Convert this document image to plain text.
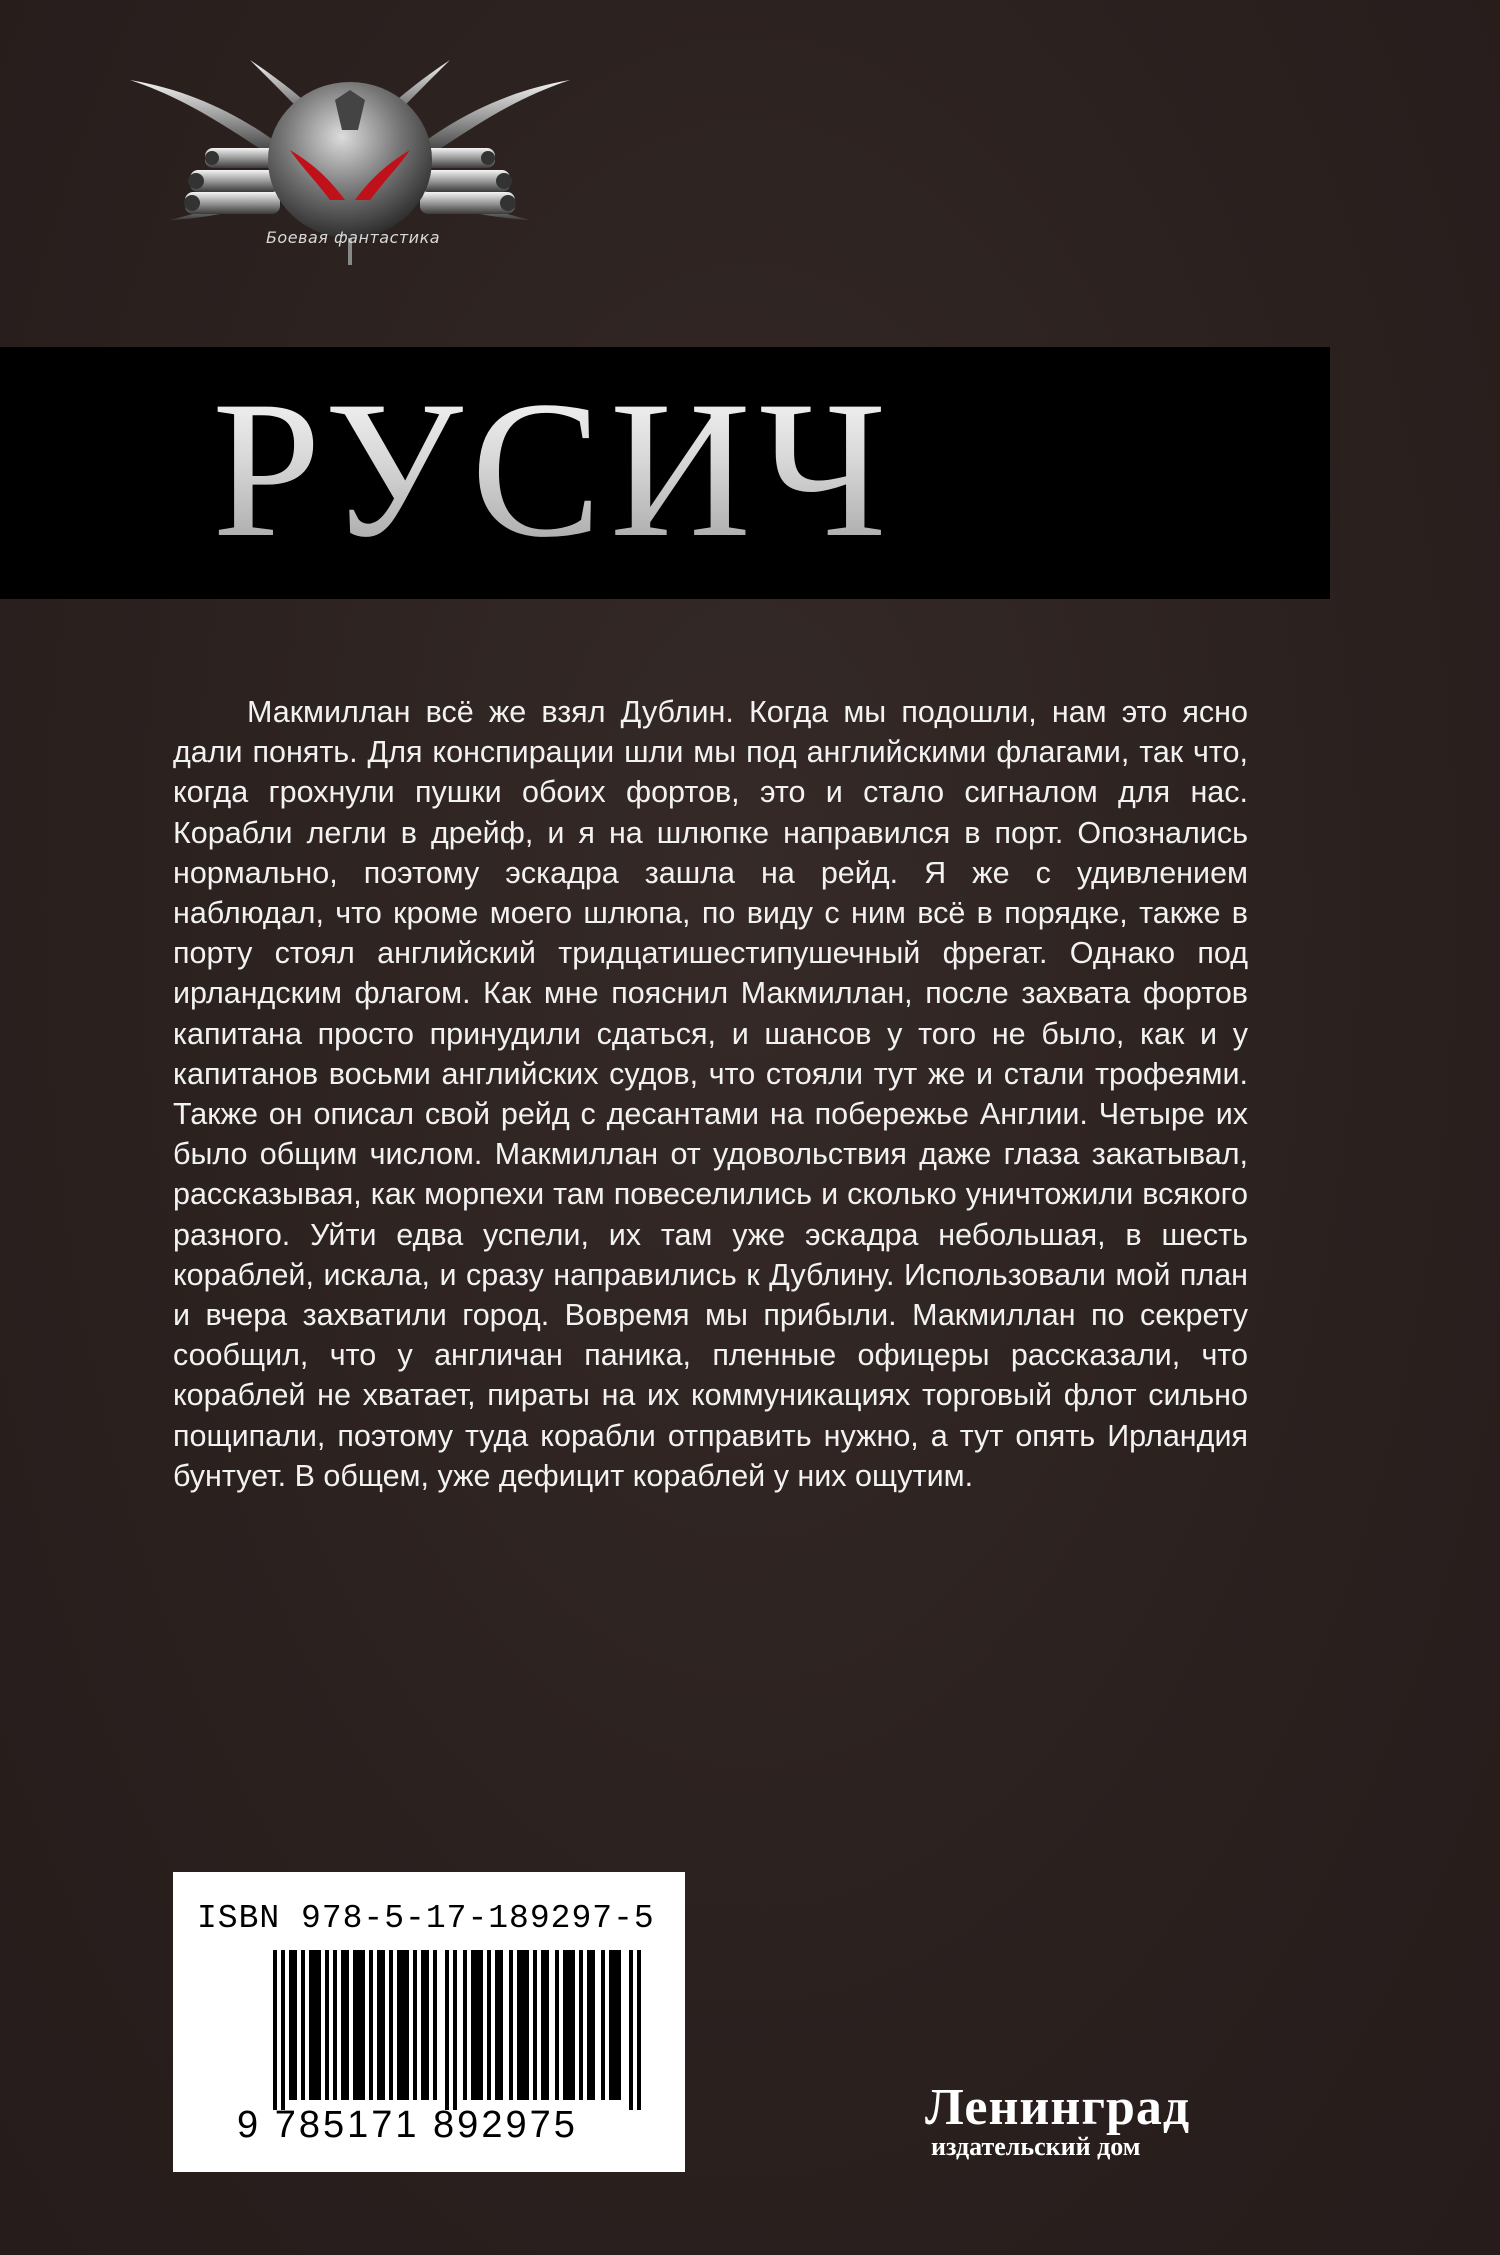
Боевая фантастика
РУСИЧ

Макмиллан всё же взял Дублин. Когда мы подошли, нам это ясно дали понять. Для конспирации шли мы под английскими флагами, так что, когда грохнули пушки обоих фортов, это и стало сигналом для нас. Корабли легли в дрейф, и я на шлюпке направился в порт. Опознались нормально, поэтому эскадра зашла на рейд. Я же с удивлением наблюдал, что кроме моего шлюпа, по виду с ним всё в порядке, также в порту стоял английский тридцатишестипушечный фрегат. Однако под ирландским флагом. Как мне пояснил Макмиллан, после захвата фортов капитана просто принудили сдаться, и шансов у того не было, как и у капитанов восьми английских судов, что стояли тут же и стали трофеями. Также он описал свой рейд с десантами на побережье Англии. Четыре их было общим числом. Макмиллан от удовольствия даже глаза закатывал, рассказывая, как морпехи там повеселились и сколько уничтожили всякого разного. Уйти едва успели, их там уже эскадра небольшая, в шесть кораблей, искала, и сразу направились к Дублину. Использовали мой план и вчера захватили город. Вовремя мы прибыли. Макмиллан по секрету сообщил, что у англичан паника, пленные офицеры рассказали, что кораблей не хватает, пираты на их коммуникациях торговый флот сильно пощипали, поэтому туда корабли отправить нужно, а тут опять Ирландия бунтует. В общем, уже дефицит кораблей у них ощутим.

ISBN 978-5-17-189297-5
9 785171 892975	Ленинград
издательский дом
